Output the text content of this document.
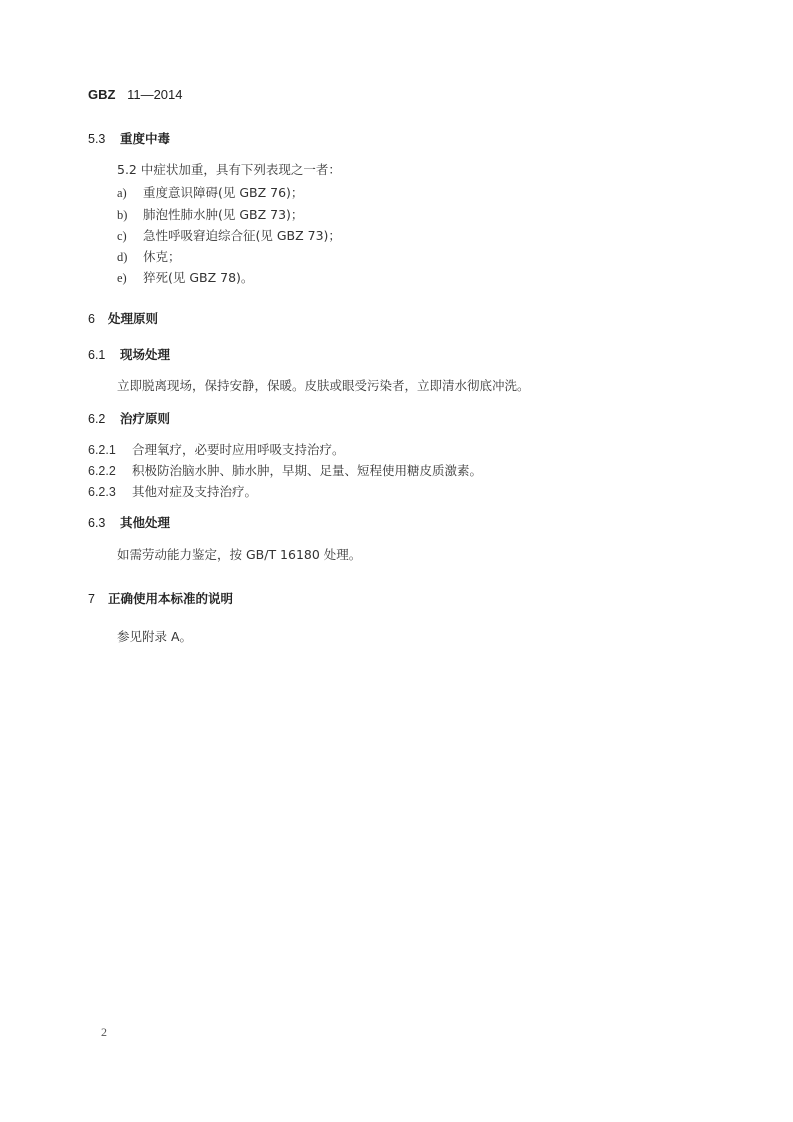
GBZ 11—2014
5.3 重度中毒
5.2 中症状加重，具有下列表现之一者：
a) 重度意识障碍(见 GBZ 76)；
b) 肺泡性肺水肿(见 GBZ 73)；
c) 急性呼吸窘迫综合征(见 GBZ 73)；
d) 休克；
e) 猝死(见 GBZ 78)。
6 处理原则
6.1 现场处理
立即脱离现场，保持安静，保暖。皮肤或眼受污染者，立即清水彻底冲洗。
6.2 治疗原则
6.2.1 合理氧疗，必要时应用呼吸支持治疗。
6.2.2 积极防治脑水肿、肺水肿，早期、足量、短程使用糖皮质激素。
6.2.3 其他对症及支持治疗。
6.3 其他处理
如需劳动能力鉴定，按 GB/T 16180 处理。
7 正确使用本标准的说明
参见附录 A。
2
